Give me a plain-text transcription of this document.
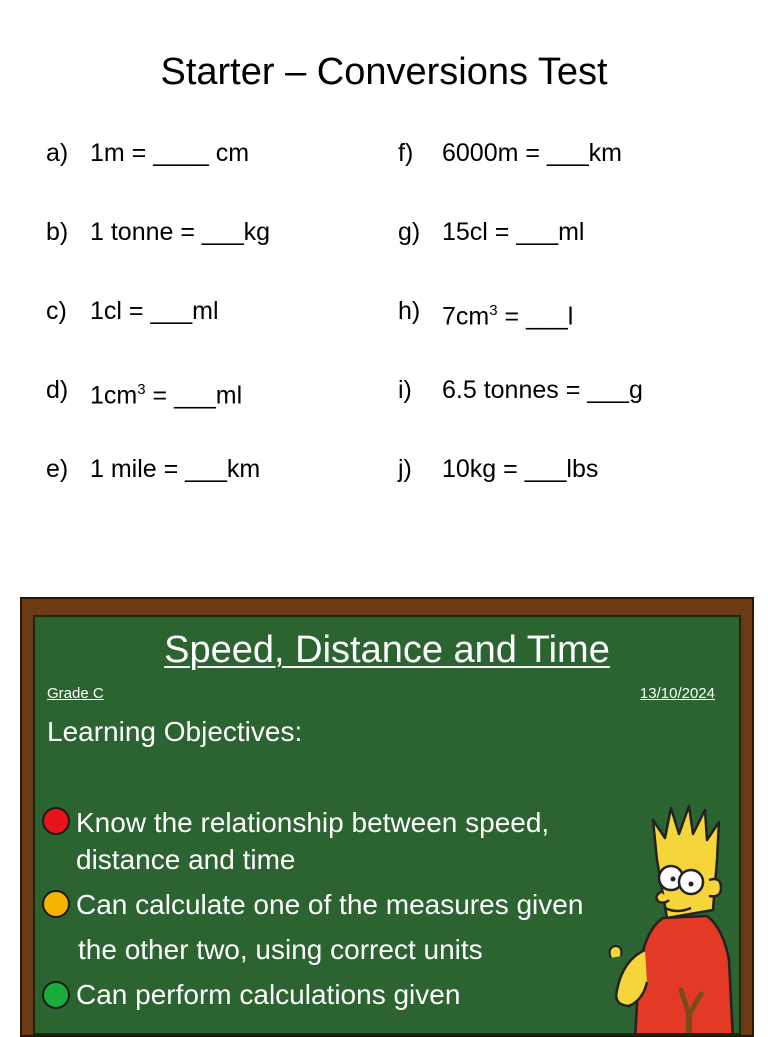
Starter – Conversions Test
a) 1m = ____ cm
b) 1 tonne = ___kg
c) 1cl = ___ml
d) $1cm^3$ = ___ml
e) 1 mile = ___km
f) 6000m = ___km
g) 15cl = ___ml
h) $7cm^3$ = ___l
i) 6.5 tonnes = ___g
j) 10kg = ___lbs
Speed, Distance and Time
Grade C	13/10/2024
Learning Objectives:
Know the relationship between speed,
distance and time
Can calculate one of the measures given
the other two, using correct units
Can perform calculations given
